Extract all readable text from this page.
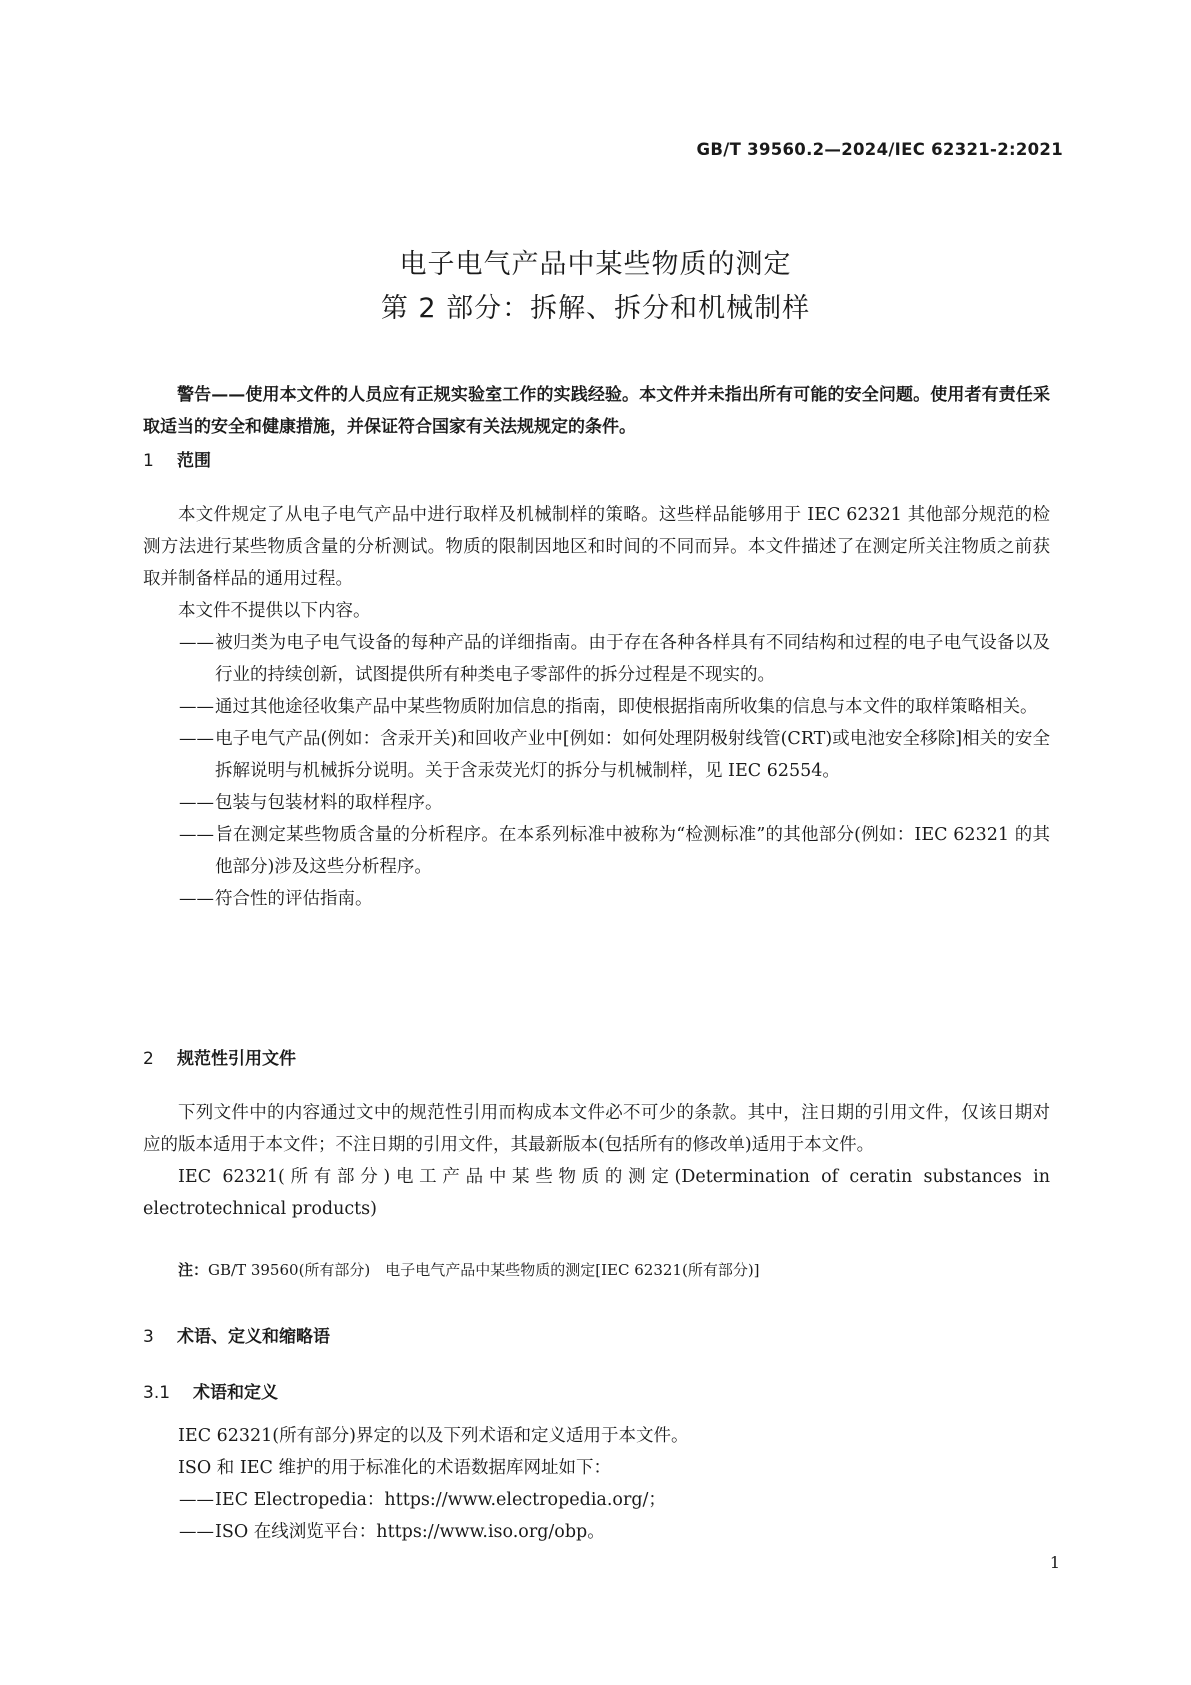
GB/T 39560.2—2024/IEC 62321-2:2021
电子电气产品中某些物质的测定
第 2 部分：拆解、拆分和机械制样

警告——使用本文件的人员应有正规实验室工作的实践经验。本文件并未指出所有可能的安全问题。使用者有责任采取适当的安全和健康措施，并保证符合国家有关法规规定的条件。

1 范围

本文件规定了从电子电气产品中进行取样及机械制样的策略。这些样品能够用于 IEC 62321 其他部分规范的检测方法进行某些物质含量的分析测试。物质的限制因地区和时间的不同而异。本文件描述了在测定所关注物质之前获取并制备样品的通用过程。

本文件不提供以下内容。

——被归类为电子电气设备的每种产品的详细指南。由于存在各种各样具有不同结构和过程的电子电气设备以及行业的持续创新，试图提供所有种类电子零部件的拆分过程是不现实的。
——通过其他途径收集产品中某些物质附加信息的指南，即使根据指南所收集的信息与本文件的取样策略相关。
——电子电气产品(例如：含汞开关)和回收产业中[例如：如何处理阴极射线管(CRT)或电池安全移除]相关的安全拆解说明与机械拆分说明。关于含汞荧光灯的拆分与机械制样，见 IEC 62554。
——包装与包装材料的取样程序。
——旨在测定某些物质含量的分析程序。在本系列标准中被称为“检测标准”的其他部分(例如：IEC 62321 的其他部分)涉及这些分析程序。
——符合性的评估指南。
2 规范性引用文件

下列文件中的内容通过文中的规范性引用而构成本文件必不可少的条款。其中，注日期的引用文件，仅该日期对应的版本适用于本文件；不注日期的引用文件，其最新版本(包括所有的修改单)适用于本文件。

IEC 62321(所有部分)电工产品中某些物质的测定(Determination of ceratin substances in electrotechnical products)

注：GB/T 39560(所有部分)　电子电气产品中某些物质的测定[IEC 62321(所有部分)]
3 术语、定义和缩略语
3.1 术语和定义

IEC 62321(所有部分)界定的以及下列术语和定义适用于本文件。

ISO 和 IEC 维护的用于标准化的术语数据库网址如下：

——IEC Electropedia：https://www.electropedia.org/；
——ISO 在线浏览平台：https://www.iso.org/obp。
1
